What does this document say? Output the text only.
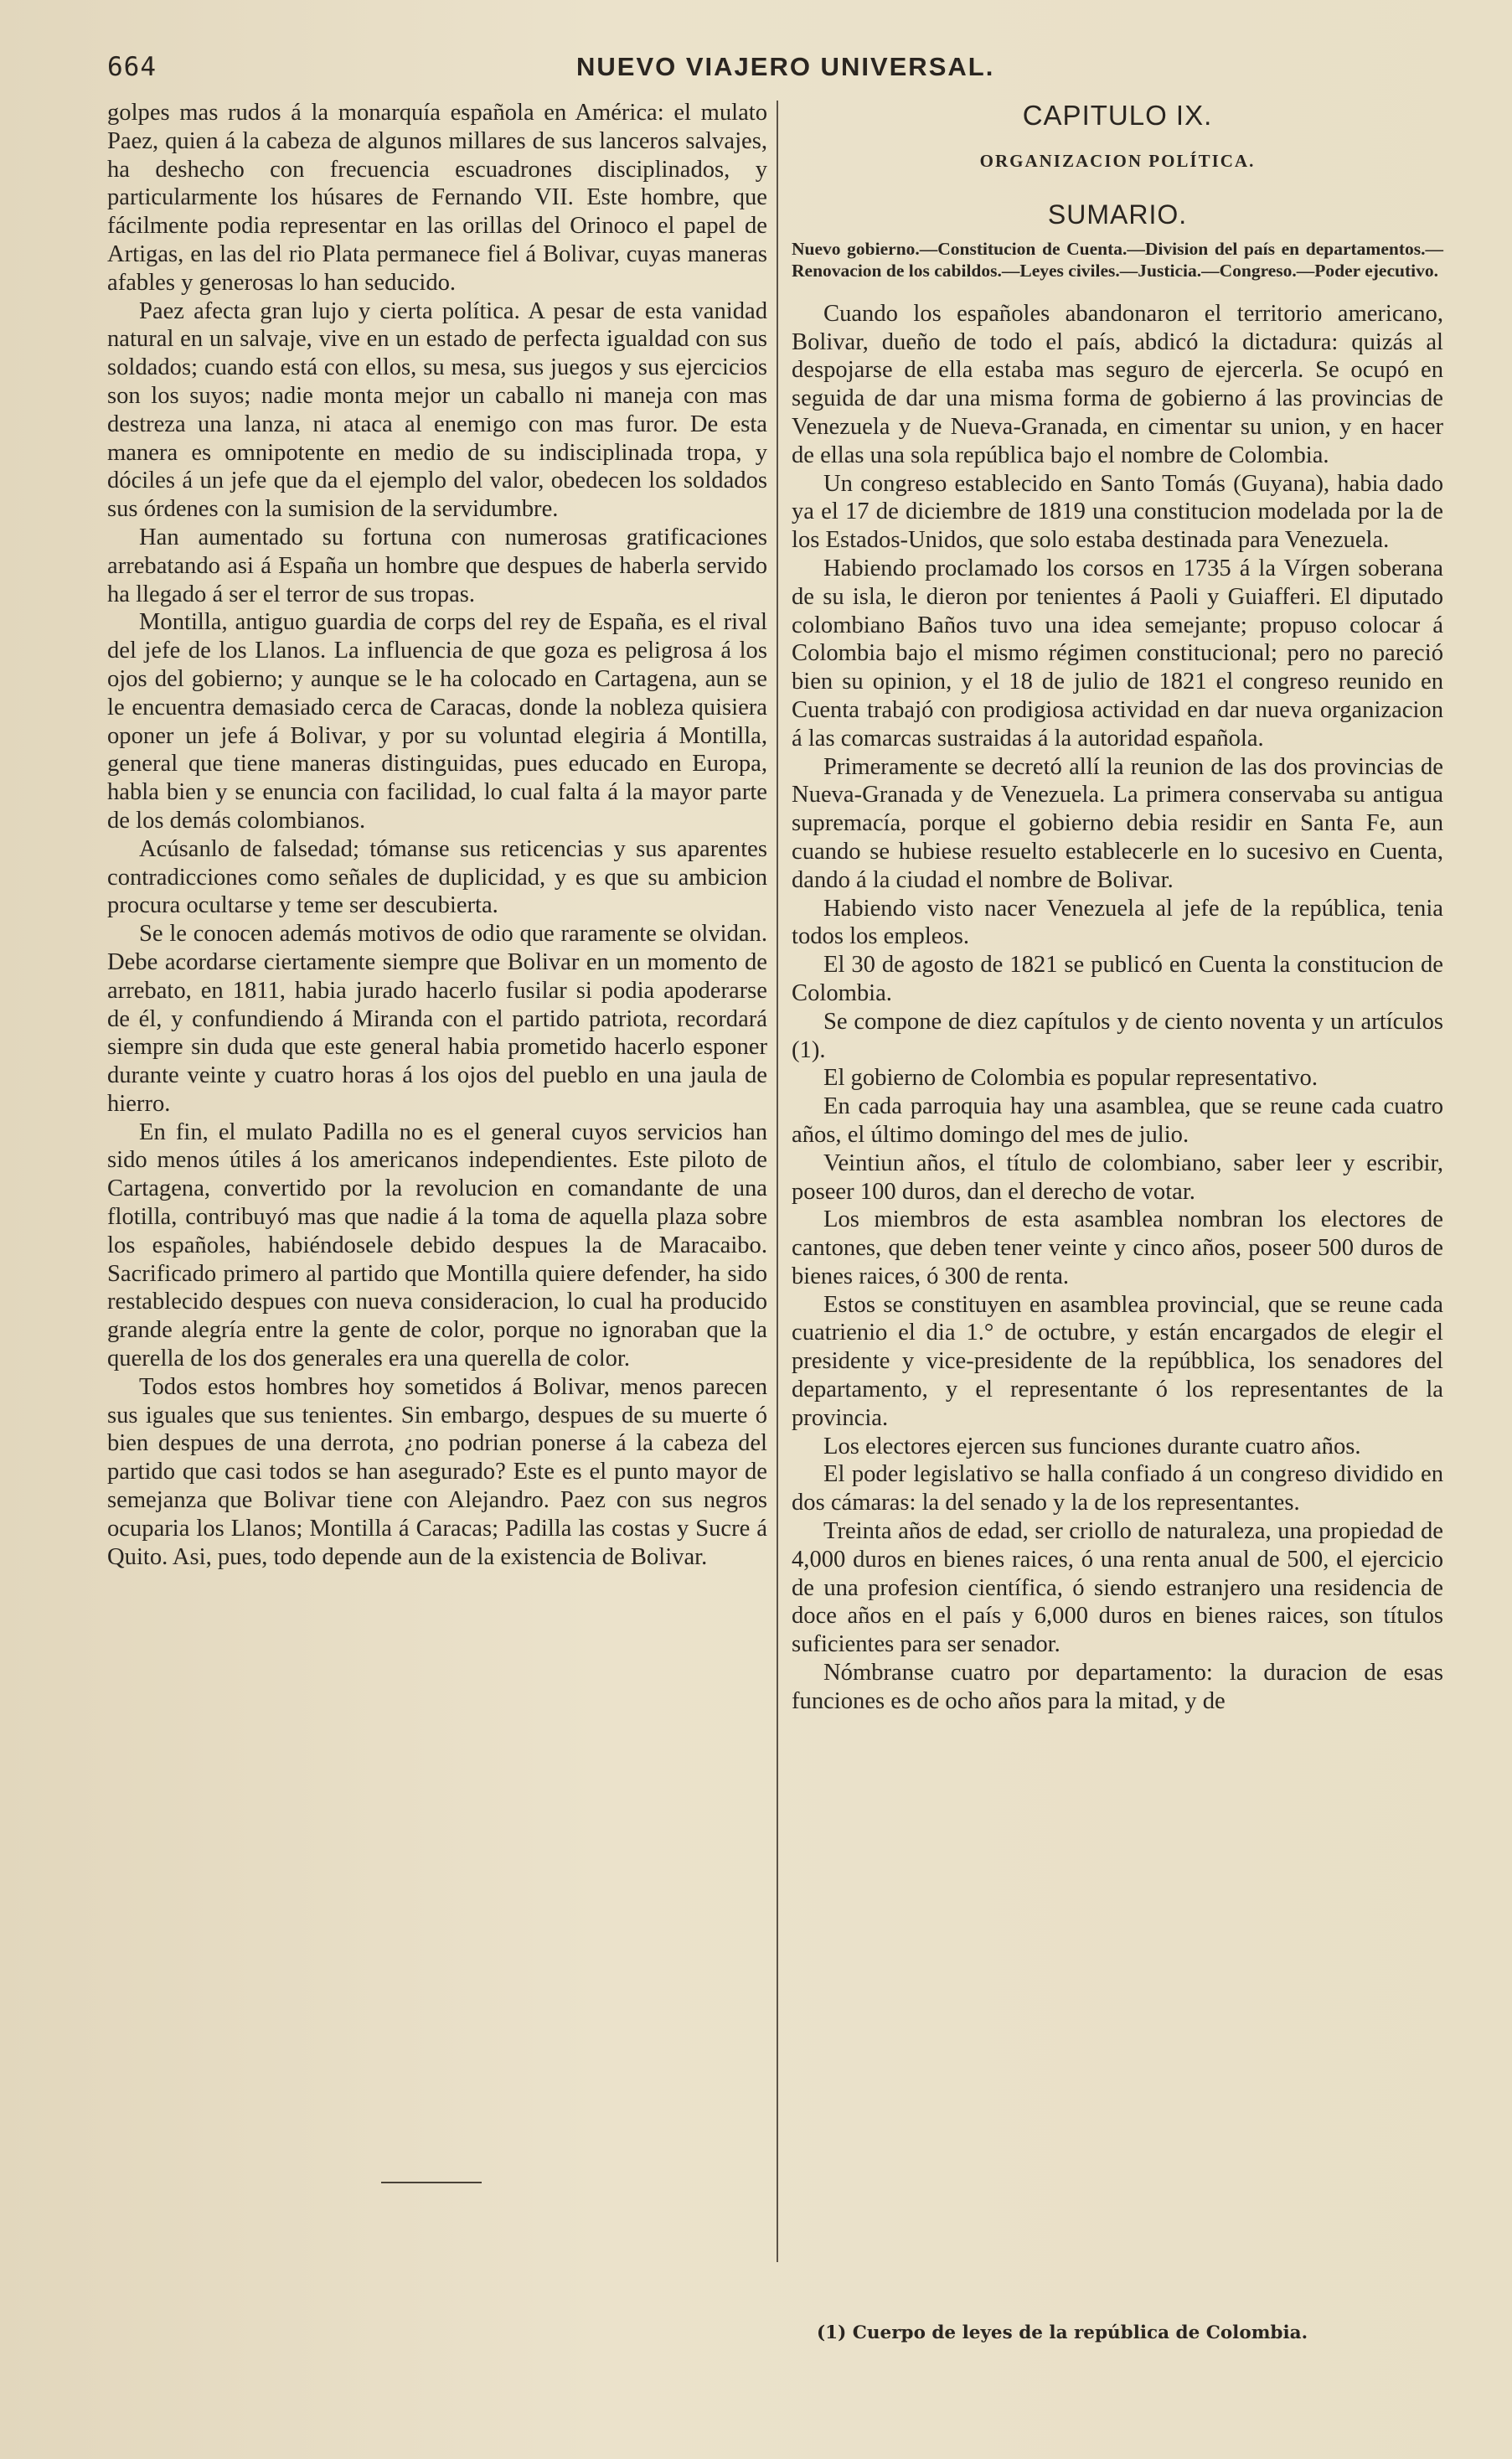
664	NUEVO VIAJERO UNIVERSAL.

golpes mas rudos á la monarquía española en América: el mulato Paez, quien á la cabeza de algunos millares de sus lanceros salvajes, ha deshecho con frecuencia escuadrones disciplinados, y particularmente los húsares de Fernando VII. Este hombre, que fácilmente podia representar en las orillas del Orinoco el papel de Artigas, en las del rio Plata permanece fiel á Bolivar, cuyas maneras afables y generosas lo han seducido.

Paez afecta gran lujo y cierta política. A pesar de esta vanidad natural en un salvaje, vive en un estado de perfecta igualdad con sus soldados; cuando está con ellos, su mesa, sus juegos y sus ejercicios son los suyos; nadie monta mejor un caballo ni maneja con mas destreza una lanza, ni ataca al enemigo con mas furor. De esta manera es omnipotente en medio de su indisciplinada tropa, y dóciles á un jefe que da el ejemplo del valor, obedecen los soldados sus órdenes con la sumision de la servidumbre.

Han aumentado su fortuna con numerosas gratificaciones arrebatando asi á España un hombre que despues de haberla servido ha llegado á ser el terror de sus tropas.

Montilla, antiguo guardia de corps del rey de España, es el rival del jefe de los Llanos. La influencia de que goza es peligrosa á los ojos del gobierno; y aunque se le ha colocado en Cartagena, aun se le encuentra demasiado cerca de Caracas, donde la nobleza quisiera oponer un jefe á Bolivar, y por su voluntad elegiria á Montilla, general que tiene maneras distinguidas, pues educado en Europa, habla bien y se enuncia con facilidad, lo cual falta á la mayor parte de los demás colombianos.

Acúsanlo de falsedad; tómanse sus reticencias y sus aparentes contradicciones como señales de duplicidad, y es que su ambicion procura ocultarse y teme ser descubierta.

Se le conocen además motivos de odio que raramente se olvidan. Debe acordarse ciertamente siempre que Bolivar en un momento de arrebato, en 1811, habia jurado hacerlo fusilar si podia apoderarse de él, y confundiendo á Miranda con el partido patriota, recordará siempre sin duda que este general habia prometido hacerlo esponer durante veinte y cuatro horas á los ojos del pueblo en una jaula de hierro.

En fin, el mulato Padilla no es el general cuyos servicios han sido menos útiles á los americanos independientes. Este piloto de Cartagena, convertido por la revolucion en comandante de una flotilla, contribuyó mas que nadie á la toma de aquella plaza sobre los españoles, habiéndosele debido despues la de Maracaibo. Sacrificado primero al partido que Montilla quiere defender, ha sido restablecido despues con nueva consideracion, lo cual ha producido grande alegría entre la gente de color, porque no ignoraban que la querella de los dos generales era una querella de color.

Todos estos hombres hoy sometidos á Bolivar, menos parecen sus iguales que sus tenientes. Sin embargo, despues de su muerte ó bien despues de una derrota, ¿no podrian ponerse á la cabeza del partido que casi todos se han asegurado? Este es el punto mayor de semejanza que Bolivar tiene con Alejandro. Paez con sus negros ocuparia los Llanos; Montilla á Caracas; Padilla las costas y Sucre á Quito. Asi, pues, todo depende aun de la existencia de Bolivar.

CAPITULO IX.

ORGANIZACION POLÍTICA.

SUMARIO.

Nuevo gobierno.—Constitucion de Cuenta.—Division del país en departamentos.—Renovacion de los cabildos.—Leyes civiles.—Justicia.—Congreso.—Poder ejecutivo.

Cuando los españoles abandonaron el territorio americano, Bolivar, dueño de todo el país, abdicó la dictadura: quizás al despojarse de ella estaba mas seguro de ejercerla. Se ocupó en seguida de dar una misma forma de gobierno á las provincias de Venezuela y de Nueva-Granada, en cimentar su union, y en hacer de ellas una sola república bajo el nombre de Colombia.

Un congreso establecido en Santo Tomás (Guyana), habia dado ya el 17 de diciembre de 1819 una constitucion modelada por la de los Estados-Unidos, que solo estaba destinada para Venezuela.

Habiendo proclamado los corsos en 1735 á la Vírgen soberana de su isla, le dieron por tenientes á Paoli y Guiafferi. El diputado colombiano Baños tuvo una idea semejante; propuso colocar á Colombia bajo el mismo régimen constitucional; pero no pareció bien su opinion, y el 18 de julio de 1821 el congreso reunido en Cuenta trabajó con prodigiosa actividad en dar nueva organizacion á las comarcas sustraidas á la autoridad española.

Primeramente se decretó allí la reunion de las dos provincias de Nueva-Granada y de Venezuela. La primera conservaba su antigua supremacía, porque el gobierno debia residir en Santa Fe, aun cuando se hubiese resuelto establecerle en lo sucesivo en Cuenta, dando á la ciudad el nombre de Bolivar.

Habiendo visto nacer Venezuela al jefe de la república, tenia todos los empleos.

El 30 de agosto de 1821 se publicó en Cuenta la constitucion de Colombia.

Se compone de diez capítulos y de ciento noventa y un artículos (1).

El gobierno de Colombia es popular representativo.

En cada parroquia hay una asamblea, que se reune cada cuatro años, el último domingo del mes de julio.

Veintiun años, el título de colombiano, saber leer y escribir, poseer 100 duros, dan el derecho de votar.

Los miembros de esta asamblea nombran los electores de cantones, que deben tener veinte y cinco años, poseer 500 duros de bienes raices, ó 300 de renta.

Estos se constituyen en asamblea provincial, que se reune cada cuatrienio el dia 1.° de octubre, y están encargados de elegir el presidente y vice-presidente de la repúbblica, los senadores del departamento, y el representante ó los representantes de la provincia.

Los electores ejercen sus funciones durante cuatro años.

El poder legislativo se halla confiado á un congreso dividido en dos cámaras: la del senado y la de los representantes.

Treinta años de edad, ser criollo de naturaleza, una propiedad de 4,000 duros en bienes raices, ó una renta anual de 500, el ejercicio de una profesion científica, ó siendo estranjero una residencia de doce años en el país y 6,000 duros en bienes raices, son títulos suficientes para ser senador.

Nómbranse cuatro por departamento: la duracion de esas funciones es de ocho años para la mitad, y de

(1) Cuerpo de leyes de la república de Colombia.
